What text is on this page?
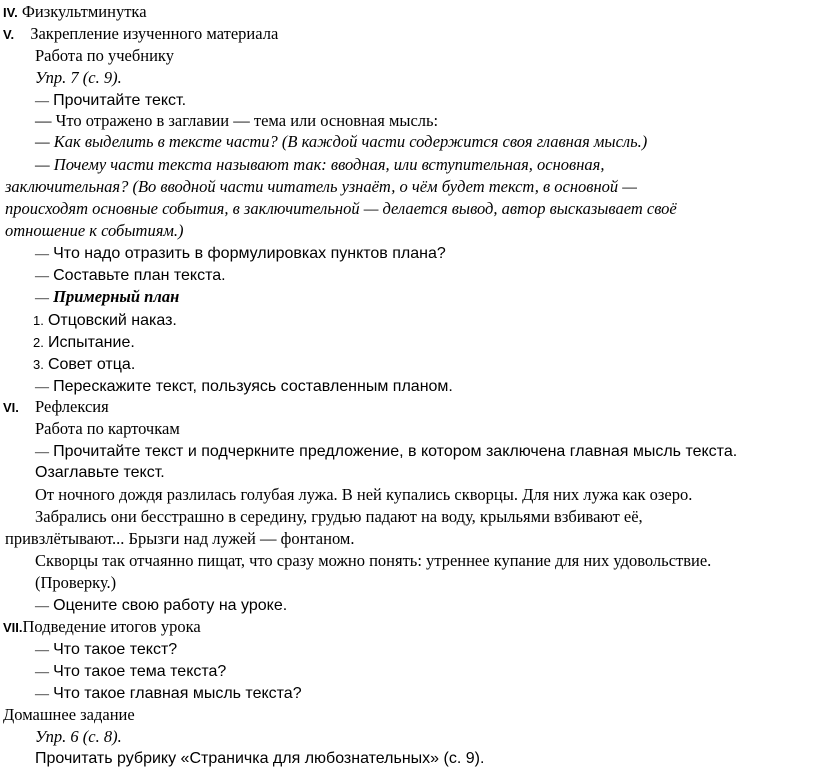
IV. Физкультминутка
V. Закрепление изученного материала
Работа по учебнику
Упр. 7 (с. 9).
— Прочитайте текст.
— Что отражено в заглавии — тема или основная мысль:
— Как выделить в тексте части? (В каждой части содержится своя главная мысль.)
— Почему части текста называют так: вводная, или вступительная, основная,
заключительная? (Во вводной части читатель узнаёт, о чём будет текст, в основной —
происходят основные события, в заключительной — делается вывод, автор высказывает своё
отношение к событиям.)
— Что надо отразить в формулировках пунктов плана?
— Составьте план текста.
— Примерный план
1. Отцовский наказ.
2. Испытание.
3. Совет отца.
— Перескажите текст, пользуясь составленным планом.
VI. Рефлексия
Работа по карточкам
— Прочитайте текст и подчеркните предложение, в котором заключена главная мысль текста.
Озаглавьте текст.
От ночного дождя разлилась голубая лужа. В ней купались скворцы. Для них лужа как озеро.
Забрались они бесстрашно в середину, грудью падают на воду, крыльями взбивают её,
привзлётывают... Брызги над лужей — фонтаном.
Скворцы так отчаянно пищат, что сразу можно понять: утреннее купание для них удовольствие.
(Проверку.)
— Оцените свою работу на уроке.
VII.Подведение итогов урока
— Что такое текст?
— Что такое тема текста?
— Что такое главная мысль текста?
Домашнее задание
Упр. 6 (с. 8).
Прочитать рубрику «Страничка для любознательных» (с. 9).
